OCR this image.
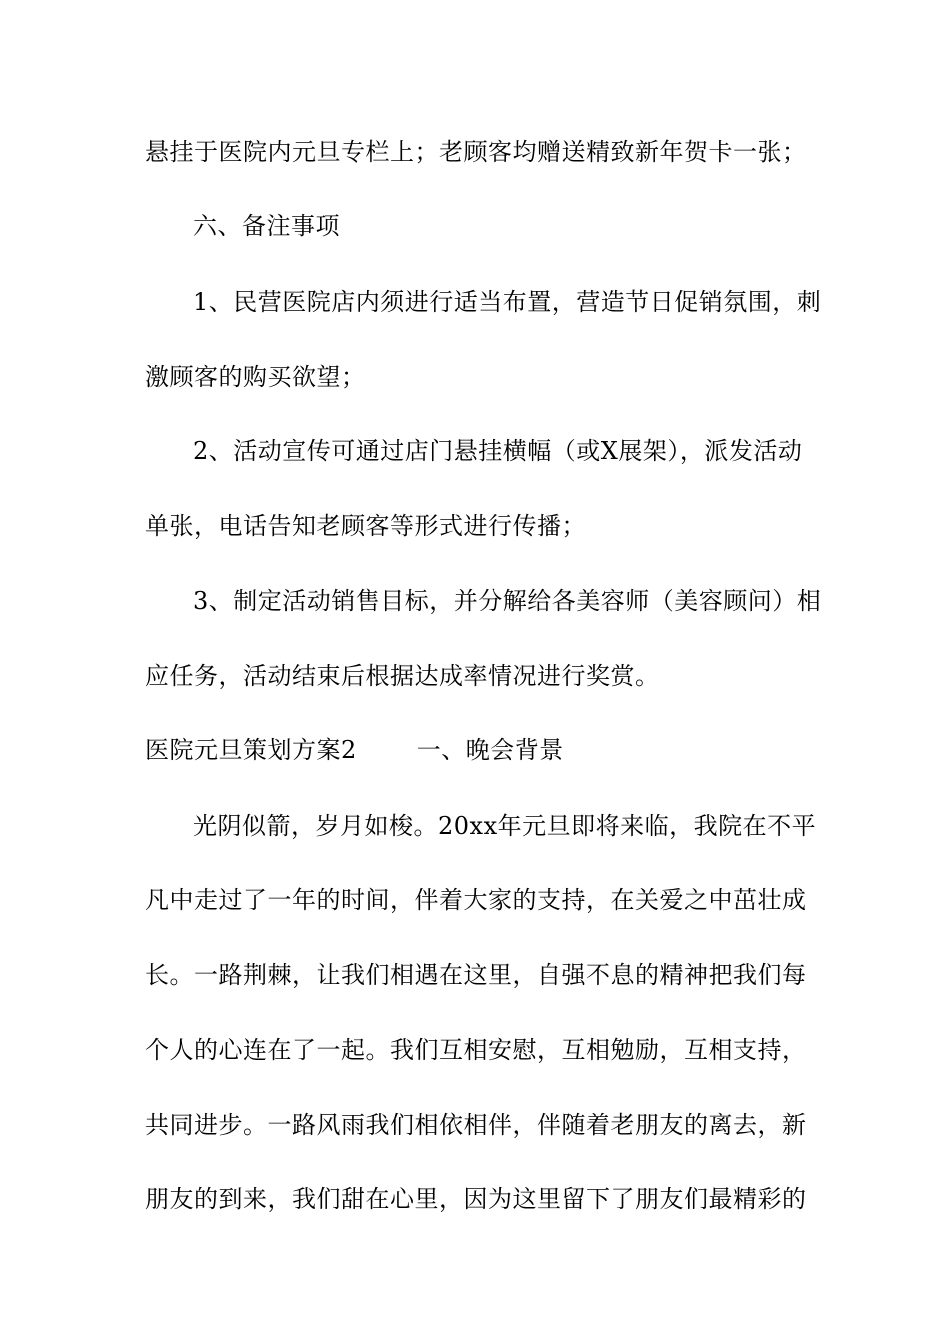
悬挂于医院内元旦专栏上；老顾客均赠送精致新年贺卡一张；
六、备注事项
1、民营医院店内须进行适当布置，营造节日促销氛围，刺
激顾客的购买欲望；
2、活动宣传可通过店门悬挂横幅（或X展架），派发活动
单张，电话告知老顾客等形式进行传播；
3、制定活动销售目标，并分解给各美容师（美容顾问）相
应任务，活动结束后根据达成率情况进行奖赏。
医院元旦策划方案2	一、晚会背景
光阴似箭，岁月如梭。20xx年元旦即将来临，我院在不平
凡中走过了一年的时间，伴着大家的支持，在关爱之中茁壮成
长。一路荆棘，让我们相遇在这里，自强不息的精神把我们每
个人的心连在了一起。我们互相安慰，互相勉励，互相支持，
共同进步。一路风雨我们相依相伴，伴随着老朋友的离去，新
朋友的到来，我们甜在心里，因为这里留下了朋友们最精彩的
